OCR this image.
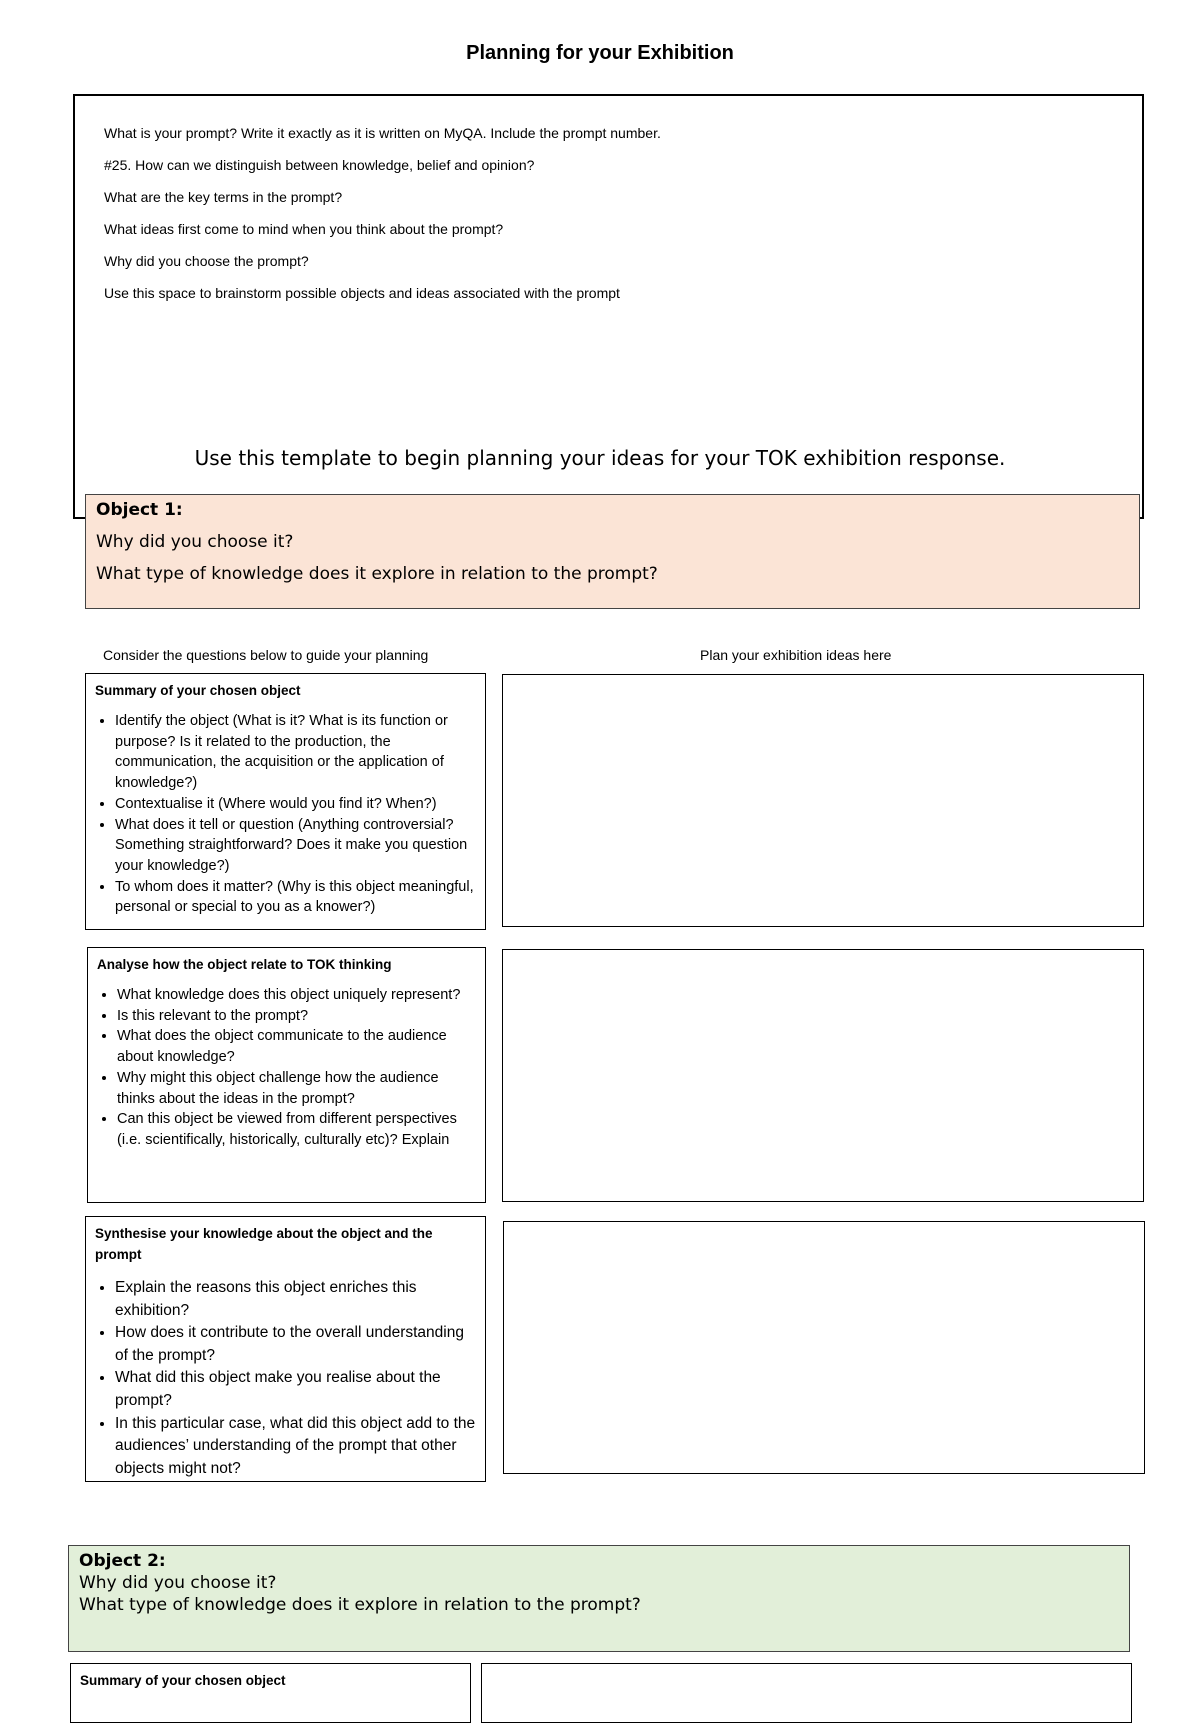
Planning for your Exhibition
What is your prompt? Write it exactly as it is written on MyQA. Include the prompt number.
#25. How can we distinguish between knowledge, belief and opinion?
What are the key terms in the prompt?
What ideas first come to mind when you think about the prompt?
Why did you choose the prompt?
Use this space to brainstorm possible objects and ideas associated with the prompt
Use this template to begin planning your ideas for your TOK exhibition response.
Object 1:
Why did you choose it?
What type of knowledge does it explore in relation to the prompt?
Consider the questions below to guide your planning	Plan your exhibition ideas here
Summary of your chosen object
• Identify the object (What is it? What is its function or purpose? Is it related to the production, the communication, the acquisition or the application of knowledge?)
• Contextualise it (Where would you find it? When?)
• What does it tell or question (Anything controversial? Something straightforward? Does it make you question your knowledge?)
• To whom does it matter? (Why is this object meaningful, personal or special to you as a knower?)
Analyse how the object relate to TOK thinking
• What knowledge does this object uniquely represent?
• Is this relevant to the prompt?
• What does the object communicate to the audience about knowledge?
• Why might this object challenge how the audience thinks about the ideas in the prompt?
• Can this object be viewed from different perspectives (i.e. scientifically, historically, culturally etc)? Explain
Synthesise your knowledge about the object and the prompt
• Explain the reasons this object enriches this exhibition?
• How does it contribute to the overall understanding of the prompt?
• What did this object make you realise about the prompt?
• In this particular case, what did this object add to the audiences’ understanding of the prompt that other objects might not?
Object 2:
Why did you choose it?
What type of knowledge does it explore in relation to the prompt?
Summary of your chosen object
